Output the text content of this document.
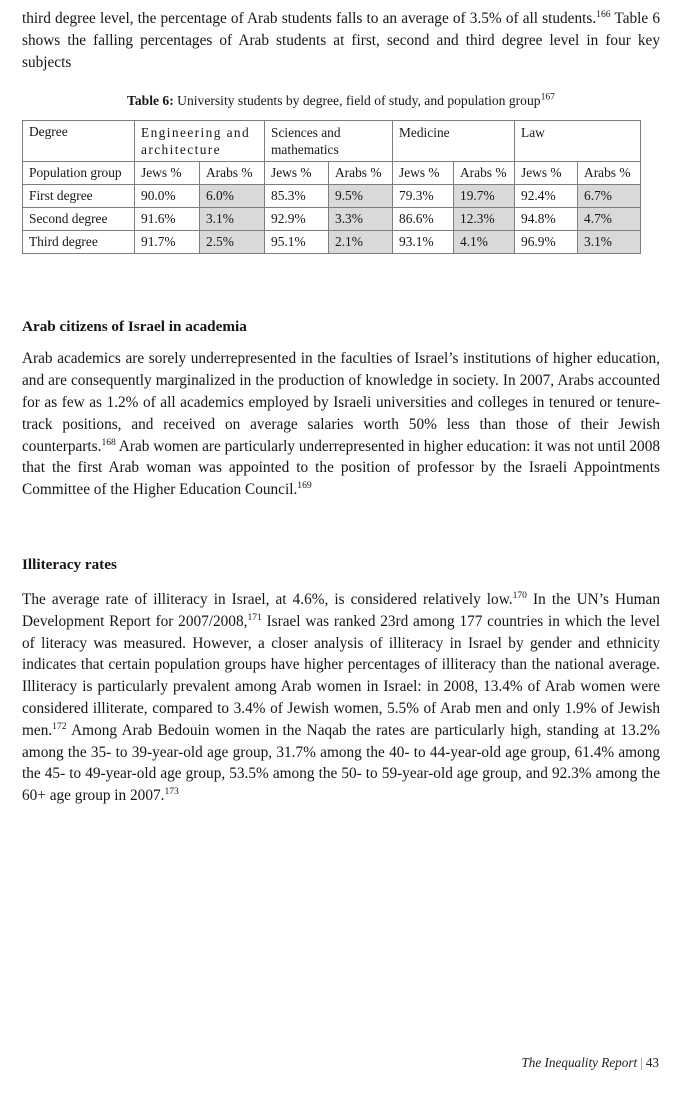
third degree level, the percentage of Arab students falls to an average of 3.5% of all students.$^{166}$ Table 6 shows the falling percentages of Arab students at first, second and third degree level in four key subjects

Table 6: University students by degree, field of study, and population group$^{167}$

Degree	Engineering and architecture		Sciences and mathematics		Medicine		Law	
Population group	Jews %	Arabs %	Jews %	Arabs %	Jews %	Arabs %	Jews %	Arabs %
First degree	90.0%	6.0%	85.3%	9.5%	79.3%	19.7%	92.4%	6.7%
Second degree	91.6%	3.1%	92.9%	3.3%	86.6%	12.3%	94.8%	4.7%
Third degree	91.7%	2.5%	95.1%	2.1%	93.1%	4.1%	96.9%	3.1%
Arab citizens of Israel in academia

Arab academics are sorely underrepresented in the faculties of Israel’s institutions of higher education, and are consequently marginalized in the production of knowledge in society. In 2007, Arabs accounted for as few as 1.2% of all academics employed by Israeli universities and colleges in tenured or tenure-track positions, and received on average salaries worth 50% less than those of their Jewish counterparts.$^{168}$ Arab women are particularly underrepresented in higher education: it was not until 2008 that the first Arab woman was appointed to the position of professor by the Israeli Appointments Committee of the Higher Education Council.$^{169}$

Illiteracy rates

The average rate of illiteracy in Israel, at 4.6%, is considered relatively low.$^{170}$ In the UN’s Human Development Report for 2007/2008,$^{171}$ Israel was ranked 23rd among 177 countries in which the level of literacy was measured. However, a closer analysis of illiteracy in Israel by gender and ethnicity indicates that certain population groups have higher percentages of illiteracy than the national average. Illiteracy is particularly prevalent among Arab women in Israel: in 2008, 13.4% of Arab women were considered illiterate, compared to 3.4% of Jewish women, 5.5% of Arab men and only 1.9% of Jewish men.$^{172}$ Among Arab Bedouin women in the Naqab the rates are particularly high, standing at 13.2% among the 35- to 39-year-old age group, 31.7% among the 40- to 44-year-old age group, 61.4% among the 45- to 49-year-old age group, 53.5% among the 50- to 59-year-old age group, and 92.3% among the 60+ age group in 2007.$^{173}$

The Inequality Report | 43
